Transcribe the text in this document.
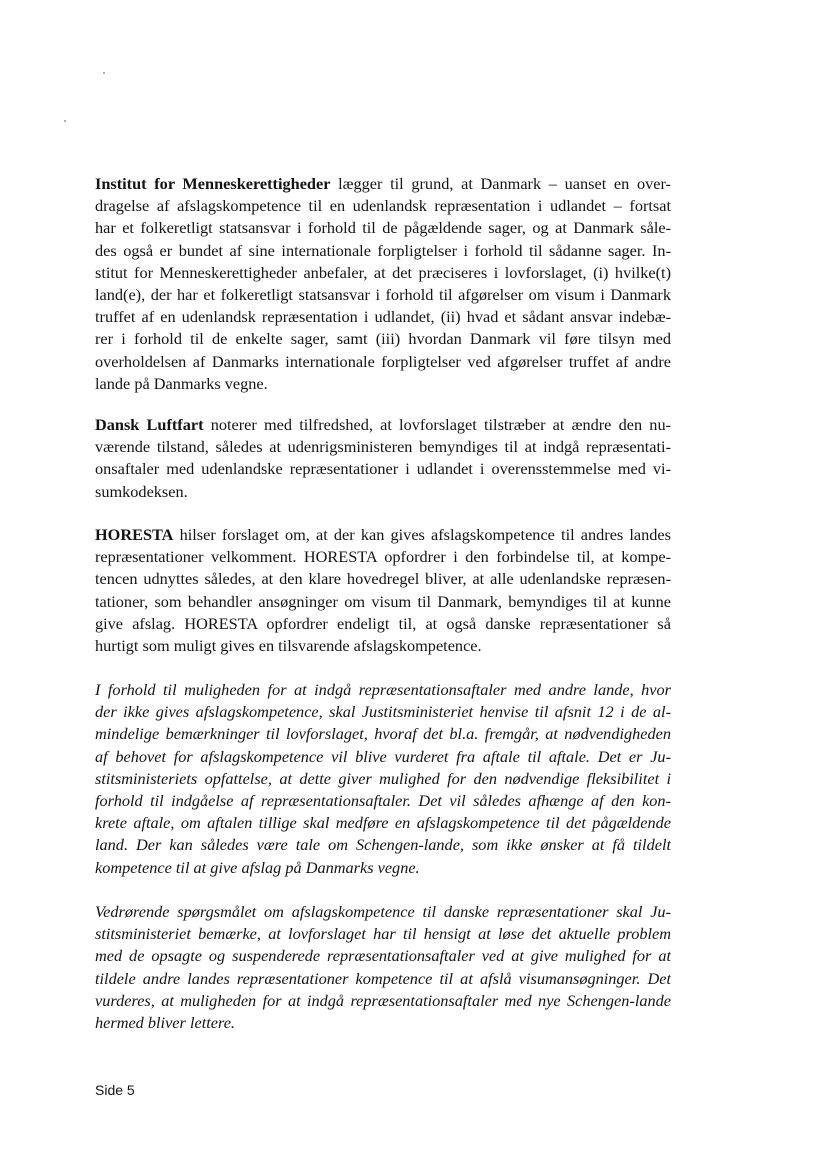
Institut for Menneskerettigheder lægger til grund, at Danmark – uanset en over-
dragelse af afslagskompetence til en udenlandsk repræsentation i udlandet – fortsat
har et folkeretligt statsansvar i forhold til de pågældende sager, og at Danmark såle-
des også er bundet af sine internationale forpligtelser i forhold til sådanne sager. In-
stitut for Menneskerettigheder anbefaler, at det præciseres i lovforslaget, (i) hvilke(t)
land(e), der har et folkeretligt statsansvar i forhold til afgørelser om visum i Danmark
truffet af en udenlandsk repræsentation i udlandet, (ii) hvad et sådant ansvar indebæ-
rer i forhold til de enkelte sager, samt (iii) hvordan Danmark vil føre tilsyn med
overholdelsen af Danmarks internationale forpligtelser ved afgørelser truffet af andre
lande på Danmarks vegne.
Dansk Luftfart noterer med tilfredshed, at lovforslaget tilstræber at ændre den nu-
værende tilstand, således at udenrigsministeren bemyndiges til at indgå repræsentati-
onsaftaler med udenlandske repræsentationer i udlandet i overensstemmelse med vi-
sumkodeksen.
HORESTA hilser forslaget om, at der kan gives afslagskompetence til andres landes
repræsentationer velkomment. HORESTA opfordrer i den forbindelse til, at kompe-
tencen udnyttes således, at den klare hovedregel bliver, at alle udenlandske repræsen-
tationer, som behandler ansøgninger om visum til Danmark, bemyndiges til at kunne
give afslag. HORESTA opfordrer endeligt til, at også danske repræsentationer så
hurtigt som muligt gives en tilsvarende afslagskompetence.
I forhold til muligheden for at indgå repræsentationsaftaler med andre lande, hvor
der ikke gives afslagskompetence, skal Justitsministeriet henvise til afsnit 12 i de al-
mindelige bemærkninger til lovforslaget, hvoraf det bl.a. fremgår, at nødvendigheden
af behovet for afslagskompetence vil blive vurderet fra aftale til aftale. Det er Ju-
stitsministeriets opfattelse, at dette giver mulighed for den nødvendige fleksibilitet i
forhold til indgåelse af repræsentationsaftaler. Det vil således afhænge af den kon-
krete aftale, om aftalen tillige skal medføre en afslagskompetence til det pågældende
land. Der kan således være tale om Schengen-lande, som ikke ønsker at få tildelt
kompetence til at give afslag på Danmarks vegne.
Vedrørende spørgsmålet om afslagskompetence til danske repræsentationer skal Ju-
stitsministeriet bemærke, at lovforslaget har til hensigt at løse det aktuelle problem
med de opsagte og suspenderede repræsentationsaftaler ved at give mulighed for at
tildele andre landes repræsentationer kompetence til at afslå visumansøgninger. Det
vurderes, at muligheden for at indgå repræsentationsaftaler med nye Schengen-lande
hermed bliver lettere.
Side 5
